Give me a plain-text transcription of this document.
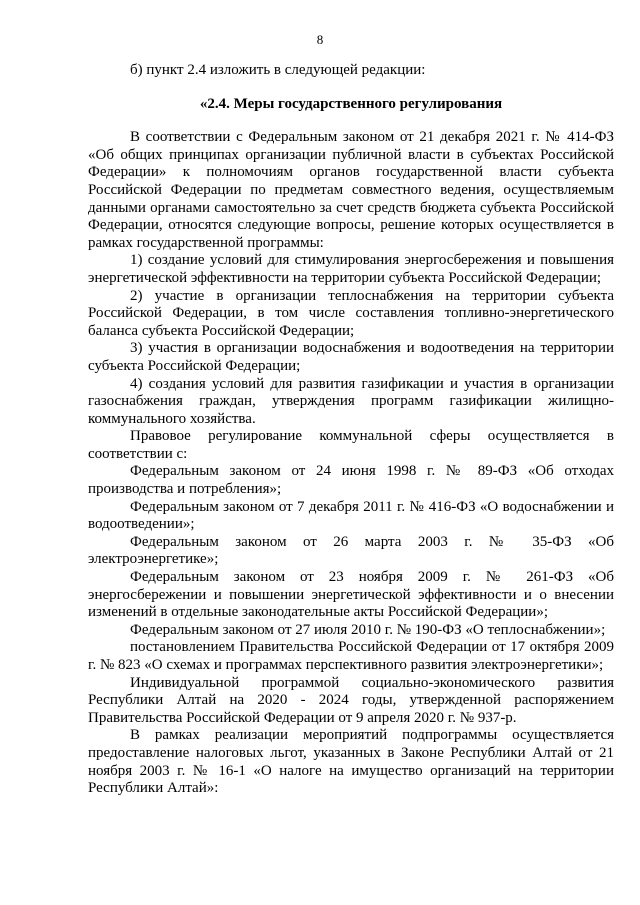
8

б) пункт 2.4 изложить в следующей редакции:

«2.4. Меры государственного регулирования

В соответствии с Федеральным законом от 21 декабря 2021 г. № 414-ФЗ «Об общих принципах организации публичной власти в субъектах Российской Федерации» к полномочиям органов государственной власти субъекта Российской Федерации по предметам совместного ведения, осуществляемым данными органами самостоятельно за счет средств бюджета субъекта Российской Федерации, относятся следующие вопросы, решение которых осуществляется в рамках государственной программы:

1) создание условий для стимулирования энергосбережения и повышения энергетической эффективности на территории субъекта Российской Федерации;

2) участие в организации теплоснабжения на территории субъекта Российской Федерации, в том числе составления топливно-энергетического баланса субъекта Российской Федерации;

3) участия в организации водоснабжения и водоотведения на территории субъекта Российской Федерации;

4) создания условий для развития газификации и участия в организации газоснабжения граждан, утверждения программ газификации жилищно-коммунального хозяйства.

Правовое регулирование коммунальной сферы осуществляется в соответствии с:

Федеральным законом от 24 июня 1998 г. № 89-ФЗ «Об отходах производства и потребления»;

Федеральным законом от 7 декабря 2011 г. № 416-ФЗ «О водоснабжении и водоотведении»;

Федеральным законом от 26 марта 2003 г. № 35-ФЗ «Об электроэнергетике»;

Федеральным законом от 23 ноября 2009 г. № 261-ФЗ «Об энергосбережении и повышении энергетической эффективности и о внесении изменений в отдельные законодательные акты Российской Федерации»;

Федеральным законом от 27 июля 2010 г. № 190-ФЗ «О теплоснабжении»;

постановлением Правительства Российской Федерации от 17 октября 2009 г. № 823 «О схемах и программах перспективного развития электроэнергетики»;

Индивидуальной программой социально-экономического развития Республики Алтай на 2020 - 2024 годы, утвержденной распоряжением Правительства Российской Федерации от 9 апреля 2020 г. № 937-р.

В рамках реализации мероприятий подпрограммы осуществляется предоставление налоговых льгот, указанных в Законе Республики Алтай от 21 ноября 2003 г. № 16-1 «О налоге на имущество организаций на территории Республики Алтай»:
